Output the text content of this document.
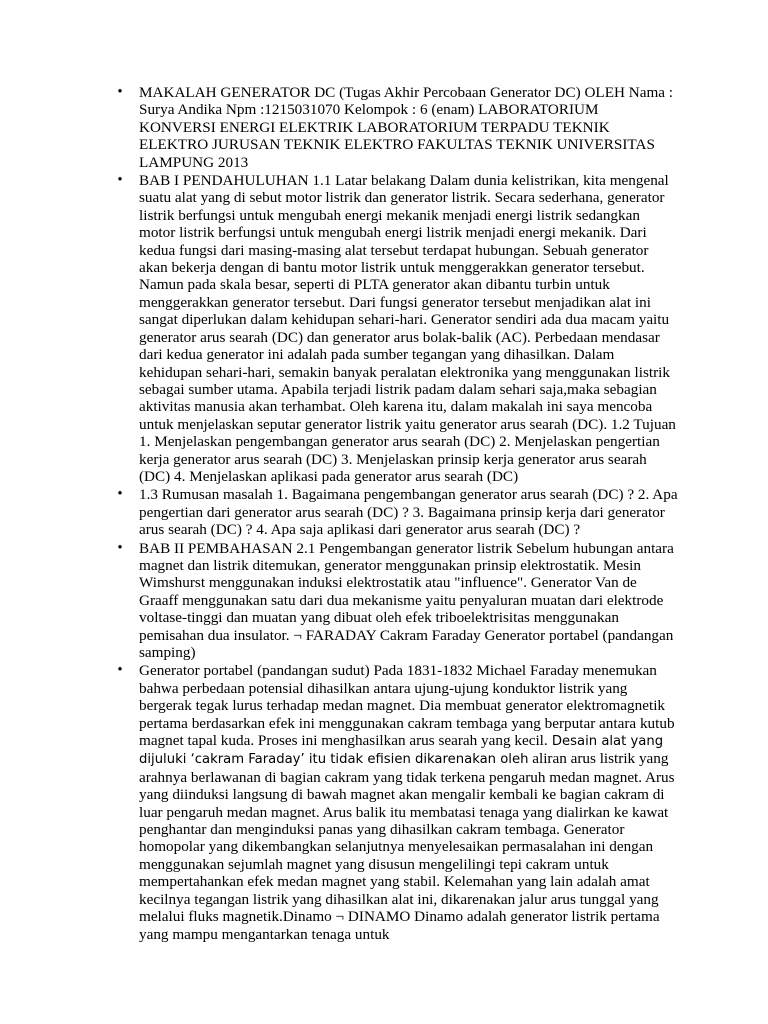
• MAKALAH GENERATOR DC (Tugas Akhir Percobaan Generator DC) OLEH Nama : Surya Andika Npm :1215031070 Kelompok : 6 (enam) LABORATORIUM KONVERSI ENERGI ELEKTRIK LABORATORIUM TERPADU TEKNIK ELEKTRO JURUSAN TEKNIK ELEKTRO FAKULTAS TEKNIK UNIVERSITAS LAMPUNG 2013
• BAB I PENDAHULUHAN 1.1 Latar belakang Dalam dunia kelistrikan, kita mengenal suatu alat yang di sebut motor listrik dan generator listrik. Secara sederhana, generator listrik berfungsi untuk mengubah energi mekanik menjadi energi listrik sedangkan motor listrik berfungsi untuk mengubah energi listrik menjadi energi mekanik. Dari kedua fungsi dari masing-masing alat tersebut terdapat hubungan. Sebuah generator akan bekerja dengan di bantu motor listrik untuk menggerakkan generator tersebut. Namun pada skala besar, seperti di PLTA generator akan dibantu turbin untuk menggerakkan generator tersebut. Dari fungsi generator tersebut menjadikan alat ini sangat diperlukan dalam kehidupan sehari-hari. Generator sendiri ada dua macam yaitu generator arus searah (DC) dan generator arus bolak-balik (AC). Perbedaan mendasar dari kedua generator ini adalah pada sumber tegangan yang dihasilkan. Dalam kehidupan sehari-hari, semakin banyak peralatan elektronika yang menggunakan listrik sebagai sumber utama. Apabila terjadi listrik padam dalam sehari saja,maka sebagian aktivitas manusia akan terhambat. Oleh karena itu, dalam makalah ini saya mencoba untuk menjelaskan seputar generator listrik yaitu generator arus searah (DC). 1.2 Tujuan 1. Menjelaskan pengembangan generator arus searah (DC) 2. Menjelaskan pengertian kerja generator arus searah (DC) 3. Menjelaskan prinsip kerja generator arus searah (DC) 4. Menjelaskan aplikasi pada generator arus searah (DC)
• 1.3 Rumusan masalah 1. Bagaimana pengembangan generator arus searah (DC) ? 2. Apa pengertian dari generator arus searah (DC) ? 3. Bagaimana prinsip kerja dari generator arus searah (DC) ? 4. Apa saja aplikasi dari generator arus searah (DC) ?
• BAB II PEMBAHASAN 2.1 Pengembangan generator listrik Sebelum hubungan antara magnet dan listrik ditemukan, generator menggunakan prinsip elektrostatik. Mesin Wimshurst menggunakan induksi elektrostatik atau "influence". Generator Van de Graaff menggunakan satu dari dua mekanisme yaitu penyaluran muatan dari elektrode voltase-tinggi dan muatan yang dibuat oleh efek triboelektrisitas menggunakan pemisahan dua insulator. ¬ FARADAY Cakram Faraday Generator portabel (pandangan samping)
• Generator portabel (pandangan sudut) Pada 1831-1832 Michael Faraday menemukan bahwa perbedaan potensial dihasilkan antara ujung-ujung konduktor listrik yang bergerak tegak lurus terhadap medan magnet. Dia membuat generator elektromagnetik pertama berdasarkan efek ini menggunakan cakram tembaga yang berputar antara kutub magnet tapal kuda. Proses ini menghasilkan arus searah yang kecil. Desain alat yang dijuluki ‘cakram Faraday’ itu tidak efisien dikarenakan oleh aliran arus listrik yang arahnya berlawanan di bagian cakram yang tidak terkena pengaruh medan magnet. Arus yang diinduksi langsung di bawah magnet akan mengalir kembali ke bagian cakram di luar pengaruh medan magnet. Arus balik itu membatasi tenaga yang dialirkan ke kawat penghantar dan menginduksi panas yang dihasilkan cakram tembaga. Generator homopolar yang dikembangkan selanjutnya menyelesaikan permasalahan ini dengan menggunakan sejumlah magnet yang disusun mengelilingi tepi cakram untuk mempertahankan efek medan magnet yang stabil. Kelemahan yang lain adalah amat kecilnya tegangan listrik yang dihasilkan alat ini, dikarenakan jalur arus tunggal yang melalui fluks magnetik.Dinamo ¬ DINAMO Dinamo adalah generator listrik pertama yang mampu mengantarkan tenaga untuk
